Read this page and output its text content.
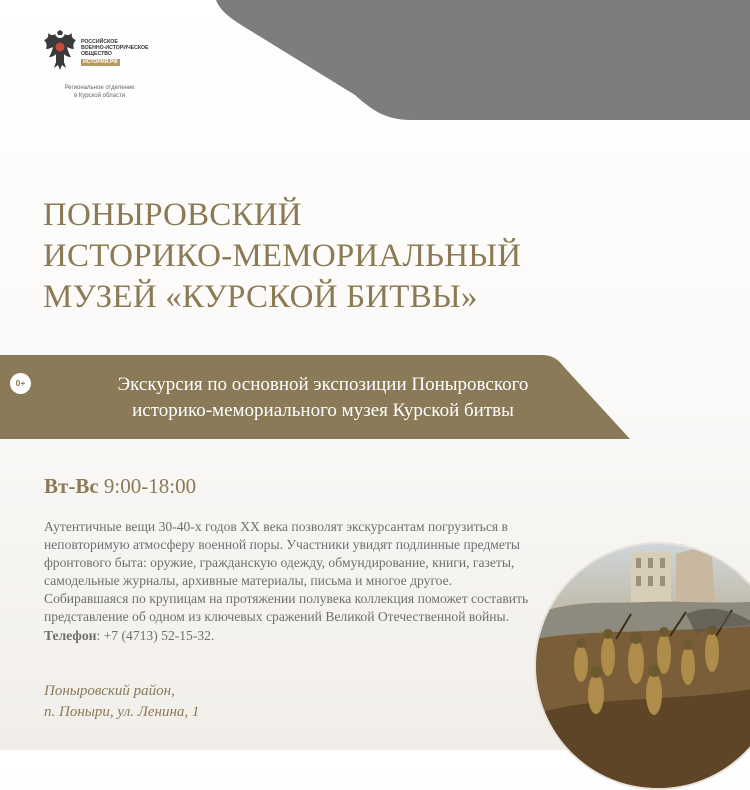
РОССИЙСКОЕ
ВОЕННО-ИСТОРИЧЕСКОЕ
ОБЩЕСТВО
ИСТОРИЯ.РФ
Региональное отделение
в Курской области
ПОНЫРОВСКИЙ
ИСТОРИКО-МЕМОРИАЛЬНЫЙ
МУЗЕЙ «КУРСКОЙ БИТВЫ»
0+	Экскурсия по основной экспозиции Поныровского
историко-мемориального музея Курской битвы
Вт-Вс 9:00-18:00

Аутентичные вещи 30-40-х годов XX века позволят экскурсантам погрузиться в неповторимую атмосферу военной поры. Участники увидят подлинные предметы фронтового быта: оружие, гражданскую одежду, обмундирование, книги, газеты, самодельные журналы, архивные материалы, письма и многое другое. Собиравшаяся по крупицам на протяжении полувека коллекция поможет составить представление об одном из ключевых сражений Великой Отечественной войны. Телефон: +7 (4713) 52-15-32.

Поныровский район,
п. Поныри, ул. Ленина, 1
